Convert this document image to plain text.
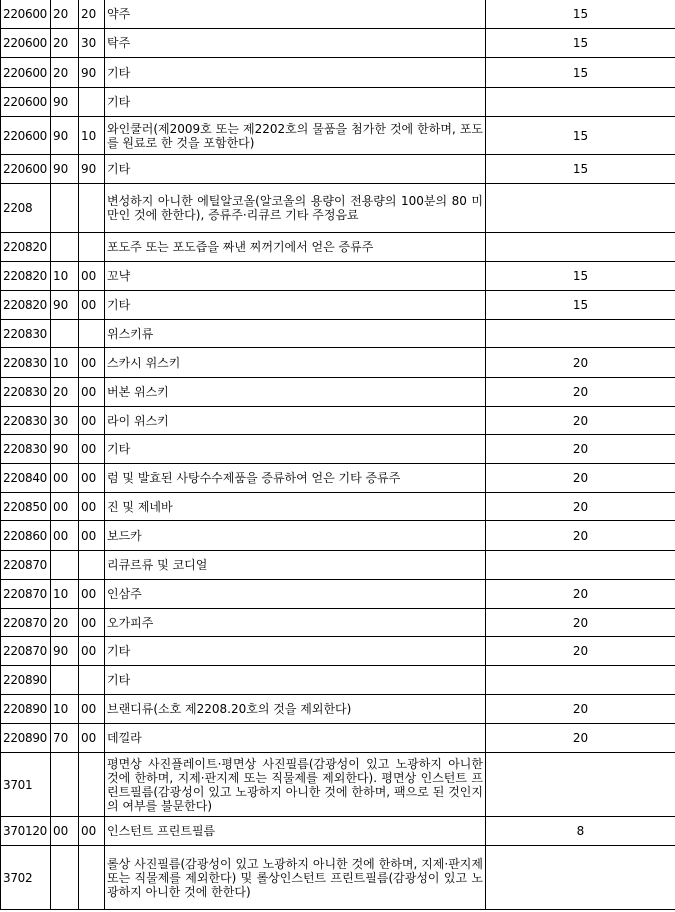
220600	20	20	약주	15
220600	20	30	탁주	15
220600	20	90	기타	15
220600	90		기타	
220600	90	10	와인쿨러(제2009호 또는 제2202호의 물품을 첨가한 것에 한하며, 포도를 원료로 한 것을 포함한다)	15
220600	90	90	기타	15
2208			변성하지 아니한 에틸알코올(알코올의 용량이 전용량의 100분의 80 미만인 것에 한한다), 증류주·리큐르 기타 주정음료	
220820			포도주 또는 포도즙을 짜낸 찌꺼기에서 얻은 증류주	
220820	10	00	꼬냑	15
220820	90	00	기타	15
220830			위스키류	
220830	10	00	스카시 위스키	20
220830	20	00	버본 위스키	20
220830	30	00	라이 위스키	20
220830	90	00	기타	20
220840	00	00	럼 및 발효된 사탕수수제품을 증류하여 얻은 기타 증류주	20
220850	00	00	진 및 제네바	20
220860	00	00	보드카	20
220870			리큐르류 및 코디얼	
220870	10	00	인삼주	20
220870	20	00	오가피주	20
220870	90	00	기타	20
220890			기타	
220890	10	00	브랜디류(소호 제2208.20호의 것을 제외한다)	20
220890	70	00	데낄라	20
3701			평면상 사진플레이트·평면상 사진필름(감광성이 있고 노광하지 아니한 것에 한하며, 지제·판지제 또는 직물제를 제외한다). 평면상 인스턴트 프린트필름(감광성이 있고 노광하지 아니한 것에 한하며, 팩으로 된 것인지의 여부를 불문한다)	
370120	00	00	인스턴트 프린트필름	8
3702			롤상 사진필름(감광성이 있고 노광하지 아니한 것에 한하며, 지제·판지제 또는 직물제를 제외한다) 및 롤상인스턴트 프린트필름(감광성이 있고 노광하지 아니한 것에 한한다)	
